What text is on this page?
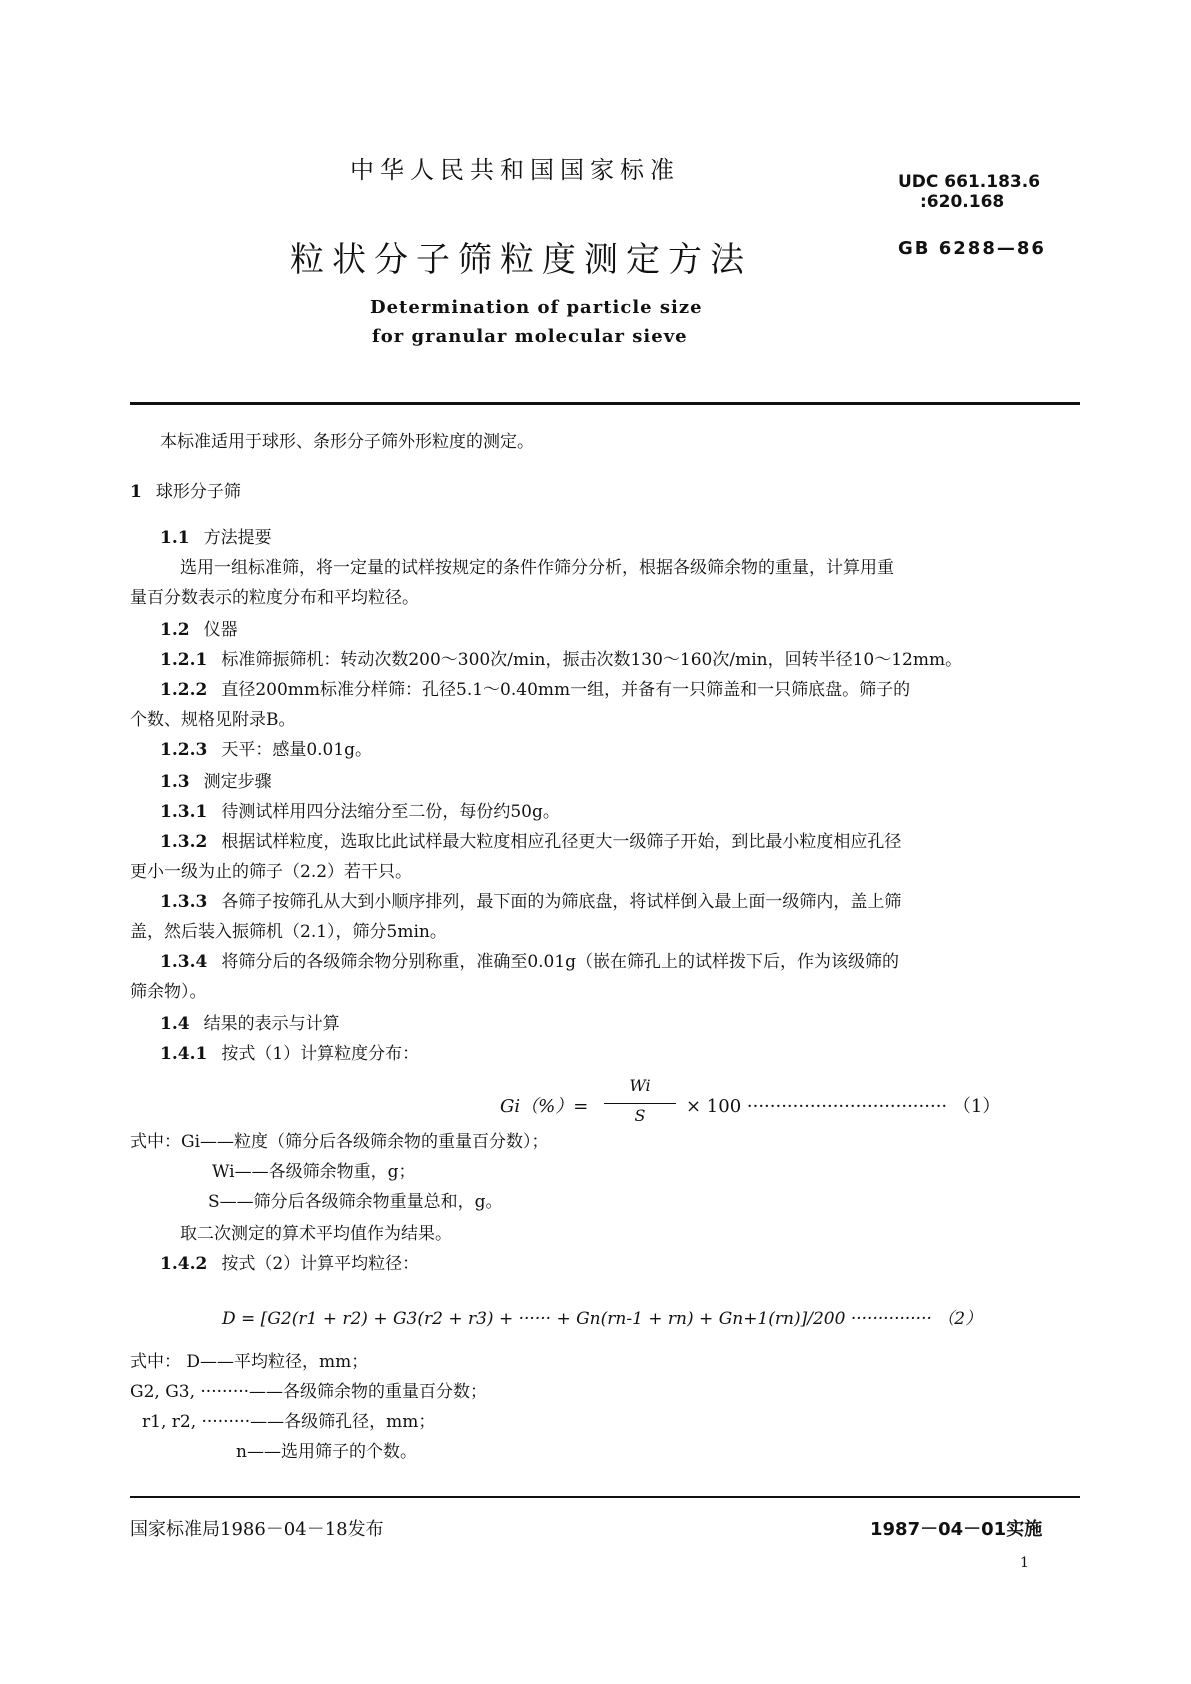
中华人民共和国国家标准	UDC 661.183.6
:620.168
粒状分子筛粒度测定方法	GB 6288—86
Determination of particle size
for granular molecular sieve
本标准适用于球形、条形分子筛外形粒度的测定。
1 球形分子筛
1.1 方法提要
选用一组标准筛，将一定量的试样按规定的条件作筛分分析，根据各级筛余物的重量，计算用重
量百分数表示的粒度分布和平均粒径。
1.2 仪器
1.2.1 标准筛振筛机：转动次数200～300次/min，振击次数130～160次/min，回转半径10～12mm。
1.2.2 直径200mm标准分样筛：孔径5.1～0.40mm一组，并备有一只筛盖和一只筛底盘。筛子的
个数、规格见附录B。
1.2.3 天平：感量0.01g。
1.3 测定步骤
1.3.1 待测试样用四分法缩分至二份，每份约50g。
1.3.2 根据试样粒度，选取比此试样最大粒度相应孔径更大一级筛子开始，到比最小粒度相应孔径
更小一级为止的筛子（2.2）若干只。
1.3.3 各筛子按筛孔从大到小顺序排列，最下面的为筛底盘，将试样倒入最上面一级筛内，盖上筛
盖，然后装入振筛机（2.1），筛分5min。
1.3.4 将筛分后的各级筛余物分别称重，准确至0.01g（嵌在筛孔上的试样拨下后，作为该级筛的
筛余物）。
1.4 结果的表示与计算
1.4.1 按式（1）计算粒度分布：
Gi（%）=
Wi
S	× 100 ··································· （1）
式中：Gi——粒度（筛分后各级筛余物的重量百分数）；
Wi——各级筛余物重，g；
S——筛分后各级筛余物重量总和，g。
取二次测定的算术平均值作为结果。
1.4.2 按式（2）计算平均粒径：
D = [G2(r1 + r2) + G3(r2 + r3) + ······ + Gn(rn-1 + rn) + Gn+1(rn)]/200 ··············· （2）
式中： D——平均粒径，mm；
G2, G3, ·········——各级筛余物的重量百分数；
r1, r2, ·········——各级筛孔径，mm；
n——选用筛子的个数。
国家标准局1986－04－18发布	1987－04－01实施
1
